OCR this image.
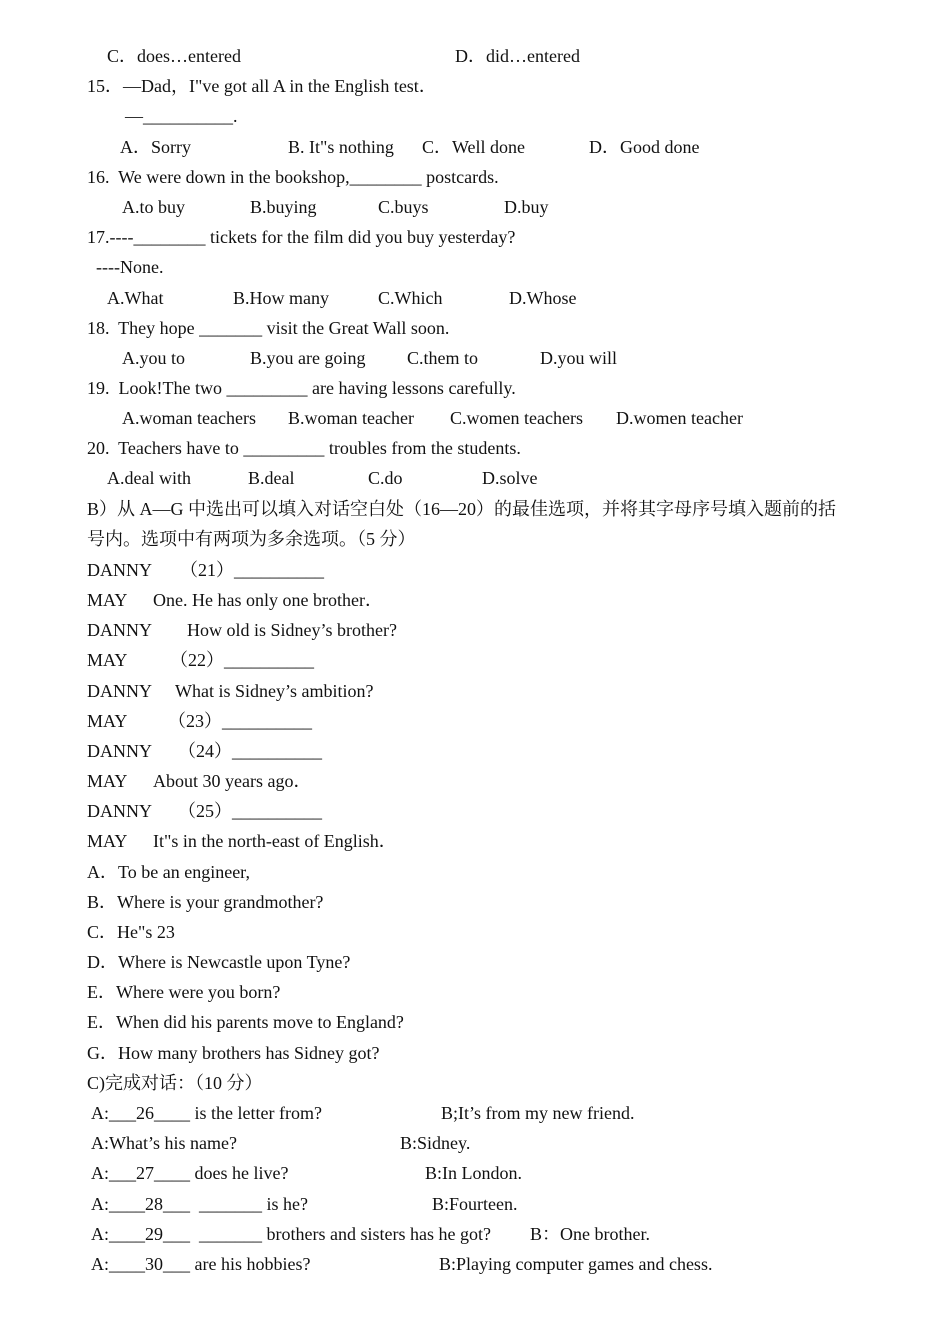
C．does…entered	D．did…entered
15．—Dad，I"ve got all A in the English test．
—__________.
A．Sorry	B. It"s nothing C．Well done	D．Good done
16.  We were down in the bookshop,________ postcards.
A.to buy	B.buying	C.buys	D.buy
17.----________ tickets for the film did you buy yesterday?
----None.
A.What	B.How many	C.Which	D.Whose
18.  They hope _______ visit the Great Wall soon.
A.you to	B.you are going C.them to	D.you will
19.  Look!The two _________ are having lessons carefully.
A.woman teachers B.woman teacher C.women teachers D.women teacher
20.  Teachers have to _________ troubles from the students.
A.deal with	B.deal	C.do	D.solve
B）从 A—G 中选出可以填入对话空白处（16—20）的最佳选项，并将其字母序号填入题前的括
号内。选项中有两项为多余选项。（5 分）
DANNY （21）__________
MAY One. He has only one brother．
DANNY How old is Sidney’s brother?
MAY （22）__________
DANNY What is Sidney’s ambition?
MAY （23）__________
DANNY （24）__________
MAY About 30 years ago．
DANNY （25）__________
MAY It"s in the north-east of English．
A．To be an engineer,
B．Where is your grandmother?
C．He"s 23
D．Where is Newcastle upon Tyne?
E．Where were you born?
E．When did his parents move to England?
G．How many brothers has Sidney got?
C)完成对话：（10 分）
A:___26____ is the letter from?	B;It’s from my new friend.
A:What’s his name?	B:Sidney.
A:___27____ does he live?	B:In London.
A:____28___  _______ is he?	B:Fourteen.
A:____29___  _______ brothers and sisters has he got? B：One brother.
A:____30___ are his hobbies?	B:Playing computer games and chess.
